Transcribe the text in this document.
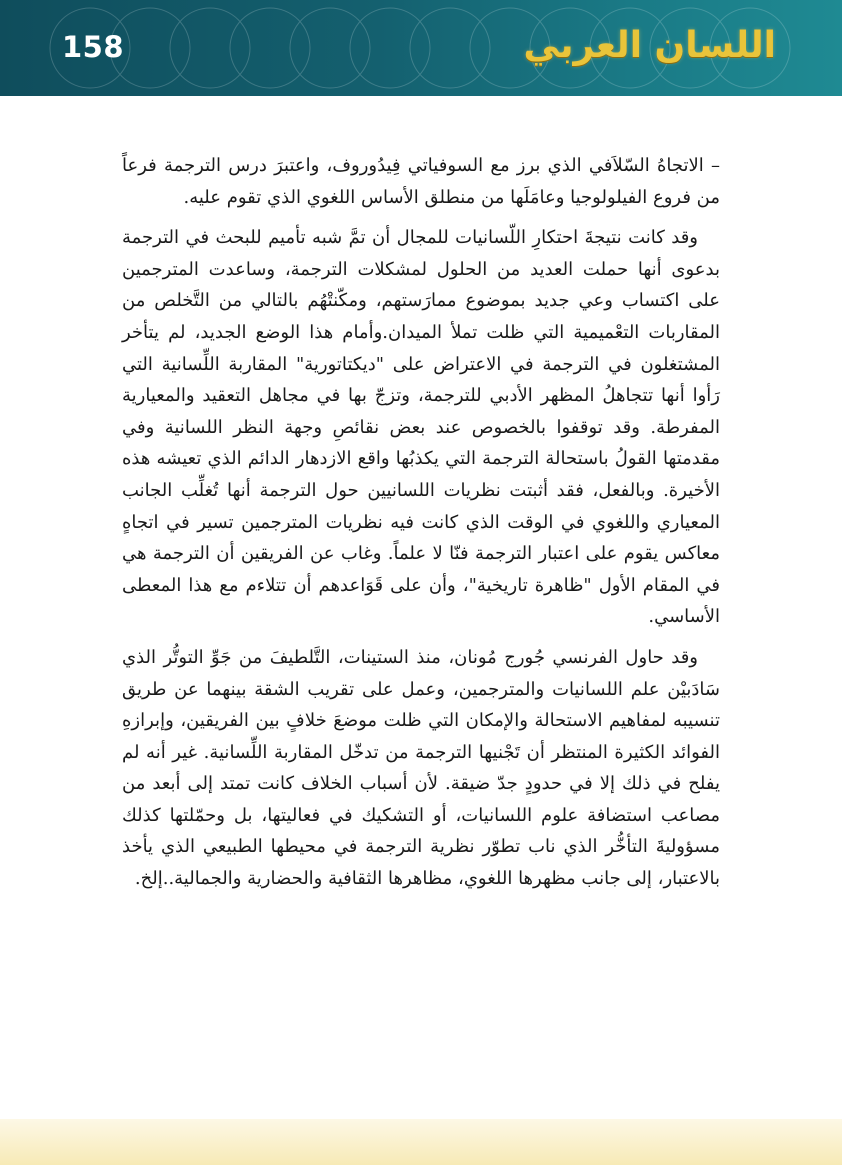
158	اللسان العربي

– الاتجاهُ السّلاَفي الذي برز مع السوفياتي فِيدُوروف، واعتبرَ درس الترجمة فرعاً من فروع الفيلولوجيا وعامَلَها من منطلق الأساس اللغوي الذي تقوم عليه.

وقد كانت نتيجةَ احتكارِ اللّسانيات للمجال أن تمَّ شبه تأميم للبحث في الترجمة بدعوى أنها حملت العديد من الحلول لمشكلات الترجمة، وساعدت المترجمين على اكتساب وعي جديد بموضوع ممارَستهم، ومكّنتْهُم بالتالي من التَّخلص من المقاربات التعْميمية التي ظلت تملأ الميدان.وأمام هذا الوضع الجديد، لم يتأخر المشتغلون في الترجمة في الاعتراض على "ديكتاتورية" المقاربة اللِّسانية التي رَأوا أنها تتجاهلُ المظهر الأدبي للترجمة، وتزجّ بها في مجاهل التعقيد والمعيارية المفرطة. وقد توقفوا بالخصوص عند بعض نقائصِ وجهة النظر اللسانية وفي مقدمتها القولُ باستحالة الترجمة التي يكذبُها واقع الازدهار الدائم الذي تعيشه هذه الأخيرة. وبالفعل، فقد أثبتت نظريات اللسانيين حول الترجمة أنها تُغلِّب الجانب المعياري واللغوي في الوقت الذي كانت فيه نظريات المترجمين تسير في اتجاهٍ معاكس يقوم على اعتبار الترجمة فنّا لا علماً. وغاب عن الفريقين أن الترجمة هي في المقام الأول "ظاهرة تاريخية"، وأن على قَوَاعدهم أن تتلاءم مع هذا المعطى الأساسي.

وقد حاول الفرنسي جُورج مُونان، منذ الستينات، التَّلطيفَ من جَوِّ التوتُّر الذي سَادَبيْن علم اللسانيات والمترجمين، وعمل على تقريب الشقة بينهما عن طريق تنسيبه لمفاهيم الاستحالة والإمكان التي ظلت موضعَ خلافٍ بين الفريقين، وإبرازهِ الفوائد الكثيرة المنتظر أن تَجْنيها الترجمة من تدخّل المقاربة اللِّسانية. غير أنه لم يفلح في ذلك إلا في حدودٍ جدّ ضيقة. لأن أسباب الخلاف كانت تمتد إلى أبعد من مصاعب استضافة علوم اللسانيات، أو التشكيك في فعاليتها، بل وحمّلتها كذلك مسؤوليةَ التأخُّر الذي ناب تطوّر نظرية الترجمة في محيطها الطبيعي الذي يأخذ بالاعتبار، إلى جانب مظهرها اللغوي، مظاهرها الثقافية والحضارية والجمالية..إلخ.
